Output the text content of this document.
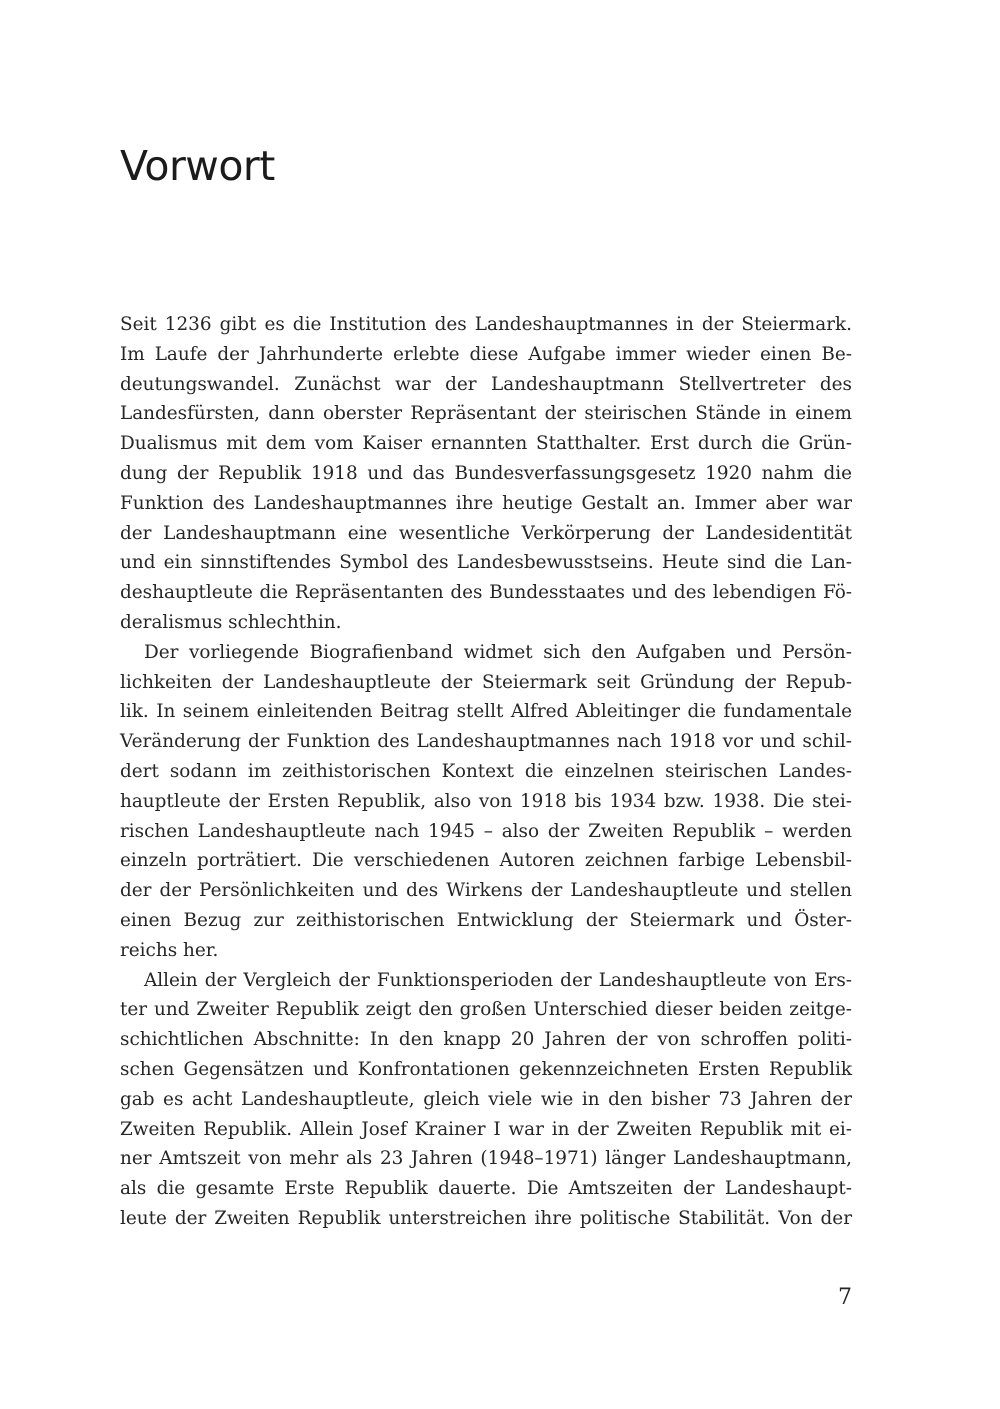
Vorwort
Seit 1236 gibt es die Institution des Landeshauptmannes in der Steiermark.
Im Laufe der Jahrhunderte erlebte diese Aufgabe immer wieder einen Be-
deutungswandel. Zunächst war der Landeshauptmann Stellvertreter des
Landesfürsten, dann oberster Repräsentant der steirischen Stände in einem
Dualismus mit dem vom Kaiser ernannten Statthalter. Erst durch die Grün-
dung der Republik 1918 und das Bundesverfassungsgesetz 1920 nahm die
Funktion des Landeshauptmannes ihre heutige Gestalt an. Immer aber war
der Landeshauptmann eine wesentliche Verkörperung der Landesidentität
und ein sinnstiftendes Symbol des Landesbewusstseins. Heute sind die Lan-
deshauptleute die Repräsentanten des Bundesstaates und des lebendigen Fö-
deralismus schlechthin.
Der vorliegende Biografienband widmet sich den Aufgaben und Persön-
lichkeiten der Landeshauptleute der Steiermark seit Gründung der Repub-
lik. In seinem einleitenden Beitrag stellt Alfred Ableitinger die fundamentale
Veränderung der Funktion des Landeshauptmannes nach 1918 vor und schil-
dert sodann im zeithistorischen Kontext die einzelnen steirischen Landes-
hauptleute der Ersten Republik, also von 1918 bis 1934 bzw. 1938. Die stei-
rischen Landeshauptleute nach 1945 – also der Zweiten Republik – werden
einzeln porträtiert. Die verschiedenen Autoren zeichnen farbige Lebensbil-
der der Persönlichkeiten und des Wirkens der Landeshauptleute und stellen
einen Bezug zur zeithistorischen Entwicklung der Steiermark und Öster-
reichs her.
Allein der Vergleich der Funktionsperioden der Landeshauptleute von Ers-
ter und Zweiter Republik zeigt den großen Unterschied dieser beiden zeitge-
schichtlichen Abschnitte: In den knapp 20 Jahren der von schroffen politi-
schen Gegensätzen und Konfrontationen gekennzeichneten Ersten Republik
gab es acht Landeshauptleute, gleich viele wie in den bisher 73 Jahren der
Zweiten Republik. Allein Josef Krainer I war in der Zweiten Republik mit ei-
ner Amtszeit von mehr als 23 Jahren (1948–1971) länger Landeshauptmann,
als die gesamte Erste Republik dauerte. Die Amtszeiten der Landeshaupt-
leute der Zweiten Republik unterstreichen ihre politische Stabilität. Von der
7
